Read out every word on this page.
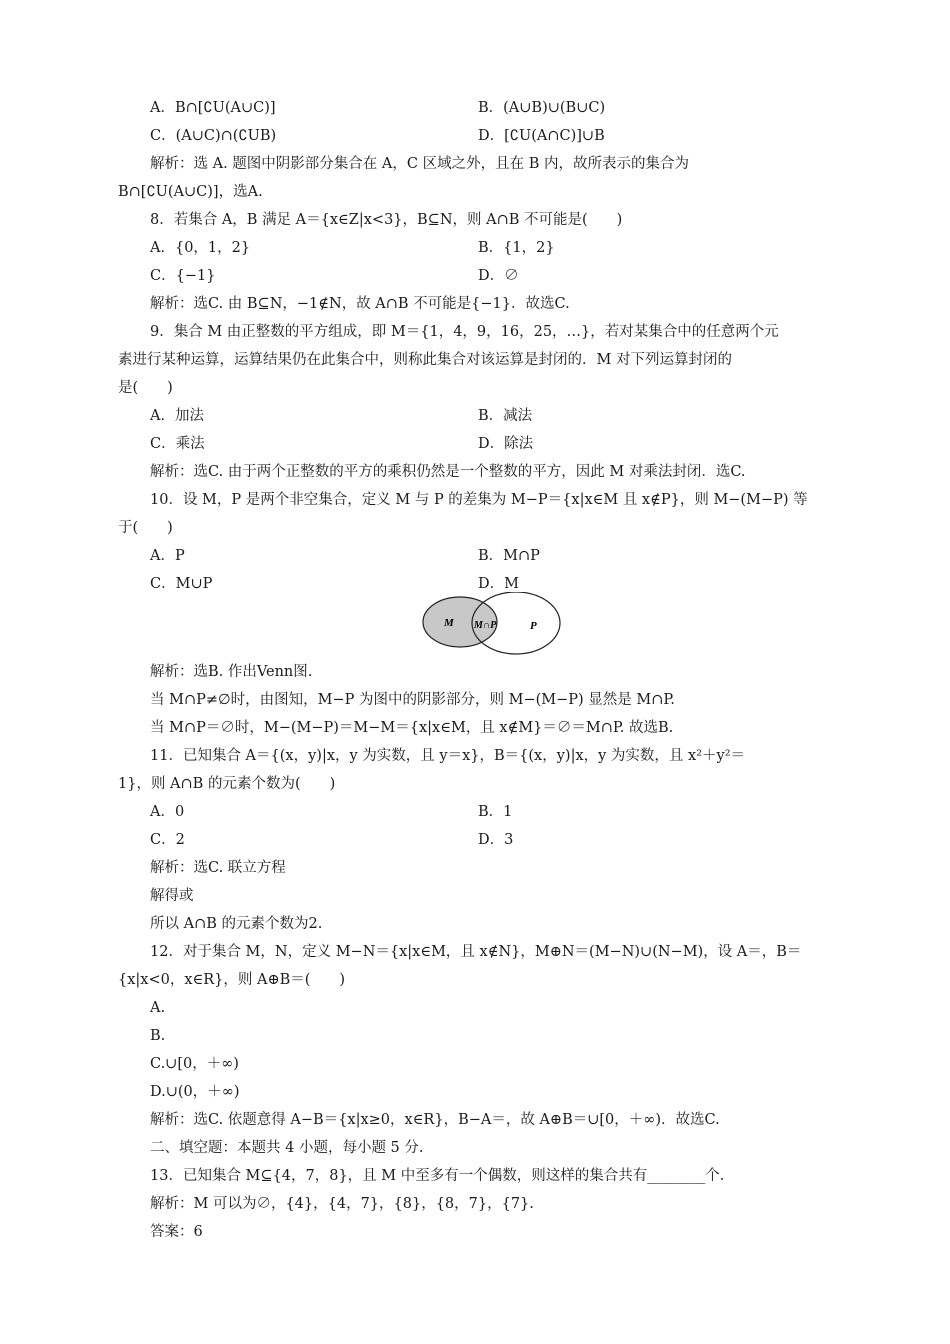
A．B∩[∁U(A∪C)]	B．(A∪B)∪(B∪C)
C．(A∪C)∩(∁UB)	D．[∁U(A∩C)]∪B
解析：选 A. 题图中阴影部分集合在 A，C 区域之外，且在 B 内，故所表示的集合为
B∩[∁U(A∪C)]，选A.
8．若集合 A，B 满足 A＝{x∈Z|x<3}，B⊆N，则 A∩B 不可能是(　　)
A．{0，1，2}	B．{1，2}
C．{−1}	D．∅
解析：选C. 由 B⊆N，−1∉N，故 A∩B 不可能是{−1}．故选C.
9．集合 M 由正整数的平方组成，即 M＝{1，4，9，16，25，…}，若对某集合中的任意两个元
素进行某种运算，运算结果仍在此集合中，则称此集合对该运算是封闭的．M 对下列运算封闭的
是(　　)
A．加法	B．减法
C．乘法	D．除法
解析：选C. 由于两个正整数的平方的乘积仍然是一个整数的平方，因此 M 对乘法封闭．选C.
10．设 M，P 是两个非空集合，定义 M 与 P 的差集为 M−P＝{x|x∈M 且 x∉P}，则 M−(M−P) 等
于(　　)
A．P	B．M∩P
C．M∪P	D．M
解析：选B. 作出Venn图.
当 M∩P≠∅时，由图知，M−P 为图中的阴影部分，则 M−(M−P) 显然是 M∩P.
当 M∩P＝∅时，M−(M−P)＝M−M＝{x|x∈M，且 x∉M}＝∅＝M∩P. 故选B.
11．已知集合 A＝{(x，y)|x，y 为实数，且 y＝x}，B＝{(x，y)|x，y 为实数，且 x²＋y²＝
1}，则 A∩B 的元素个数为(　　)
A．0	B．1
C．2	D．3
解析：选C. 联立方程
解得或
所以 A∩B 的元素个数为2.
12．对于集合 M，N，定义 M−N＝{x|x∈M，且 x∉N}，M⊕N＝(M−N)∪(N−M)，设 A＝，B＝
{x|x<0，x∈R}，则 A⊕B＝(　　)
A.
B.
C.∪[0，＋∞)
D.∪(0，＋∞)
解析：选C. 依题意得 A−B＝{x|x≥0，x∈R}，B−A＝，故 A⊕B＝∪[0，＋∞)．故选C.
二、填空题：本题共 4 小题，每小题 5 分.
13．已知集合 M⊆{4，7，8}，且 M 中至多有一个偶数，则这样的集合共有________个.
解析：M 可以为∅，{4}，{4，7}，{8}，{8，7}，{7}.
答案：6
M M∩P	P
